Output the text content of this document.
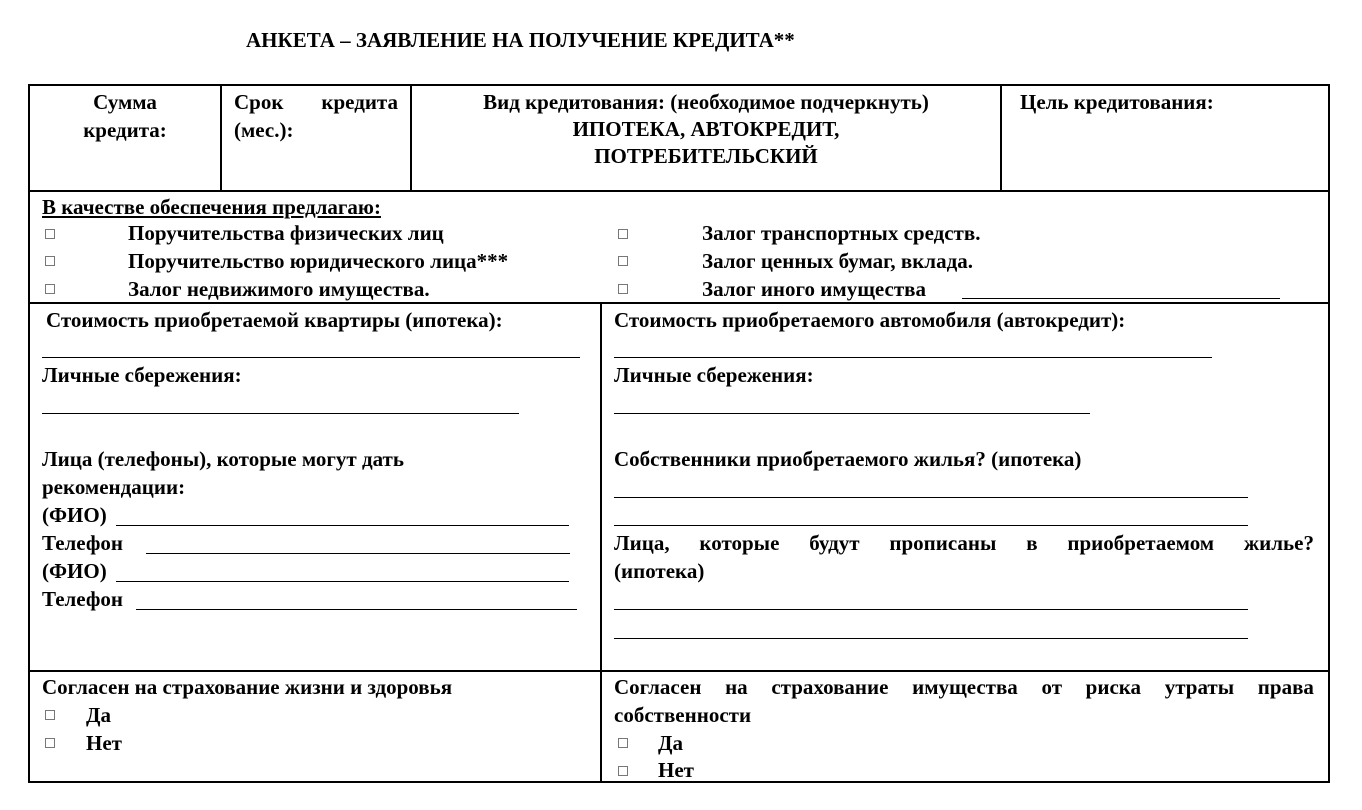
АНКЕТА – ЗАЯВЛЕНИЕ НА ПОЛУЧЕНИЕ КРЕДИТА**
Сумма
кредита:
Срок кредита
(мес.):
Вид кредитования: (необходимое подчеркнуть)
ИПОТЕКА, АВТОКРЕДИТ,
ПОТРЕБИТЕЛЬСКИЙ
Цель кредитования:
В качестве обеспечения предлагаю:
Поручительства физических лиц
Поручительство юридического лица***
Залог недвижимого имущества.
Залог транспортных средств.
Залог ценных бумаг, вклада.
Залог иного имущества
Стоимость приобретаемой квартиры (ипотека):
Личные сбережения:
Лица (телефоны), которые могут дать
рекомендации:
(ФИО)
Телефон
(ФИО)
Телефон
Стоимость приобретаемого автомобиля (автокредит):
Личные сбережения:
Собственники приобретаемого жилья? (ипотека)
Лица, которые будут прописаны в приобретаемом жилье?
(ипотека)
Согласен на страхование жизни и здоровья
Да
Нет
Согласен на страхование имущества от риска утраты права
собственности
Да
Нет
